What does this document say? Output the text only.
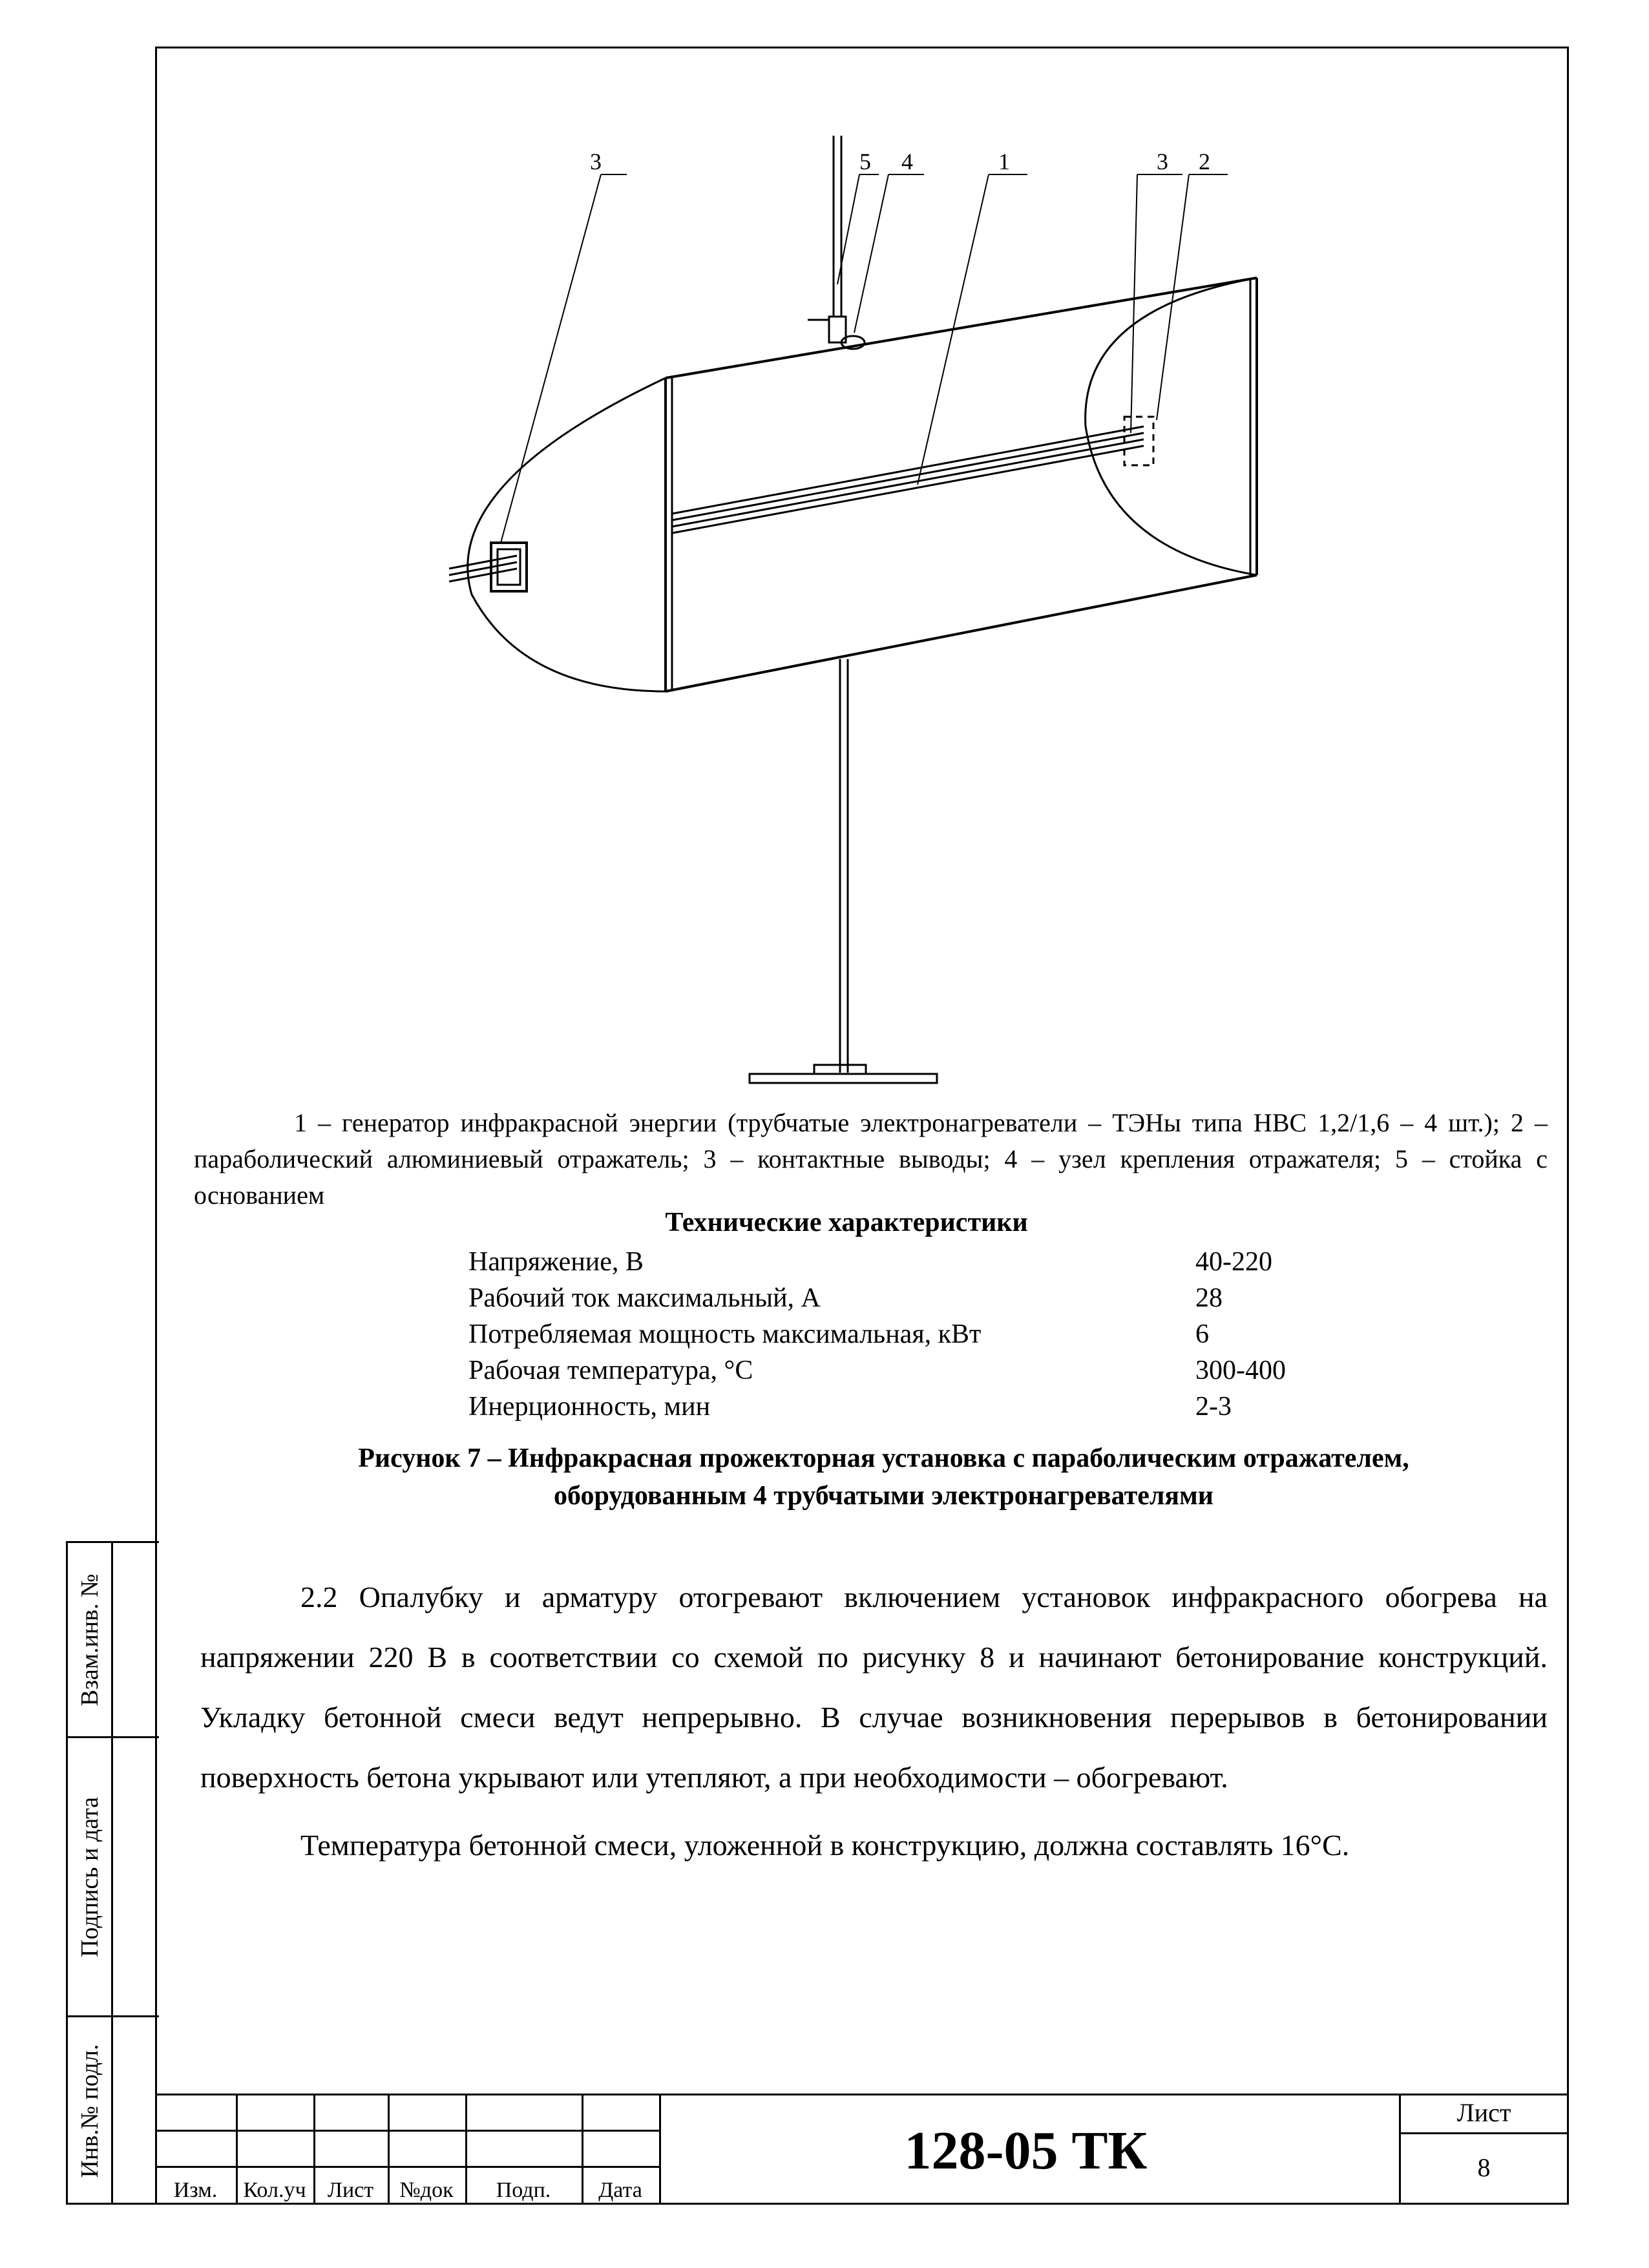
3	5 4	1	3 2

1 – генератор инфракрасной энергии (трубчатые электронагреватели – ТЭНы типа НВС 1,2/1,6 – 4 шт.); 2 – параболический алюминиевый отражатель; 3 – контактные выводы; 4 – узел крепления отражателя; 5 – стойка с основанием

Технические характеристики
Напряжение, В	40-220
Рабочий ток максимальный, А	28
Потребляемая мощность максимальная, кВт	6
Рабочая температура, °С	300-400
Инерционность, мин	2-3
Рисунок 7 – Инфракрасная прожекторная установка с параболическим отражателем,
оборудованным 4 трубчатыми электронагревателями

2.2 Опалубку и арматуру отогревают включением установок инфракрасного обогрева на напряжении 220 В в соответствии со схемой по рисунку 8 и начинают бетонирование конструкций. Укладку бетонной смеси ведут непрерывно. В случае возникновения перерывов в бетонировании поверхность бетона укрывают или утепляют, а при необходимости – обогревают.

Температура бетонной смеси, уложенной в конструкцию, должна составлять 16°С.

Взам.инв. №
Подпись и дата
Инв.№ подл.
Изм.	Кол.уч Лист	№док	Подп.	Дата
128-05 ТК
Лист
8
